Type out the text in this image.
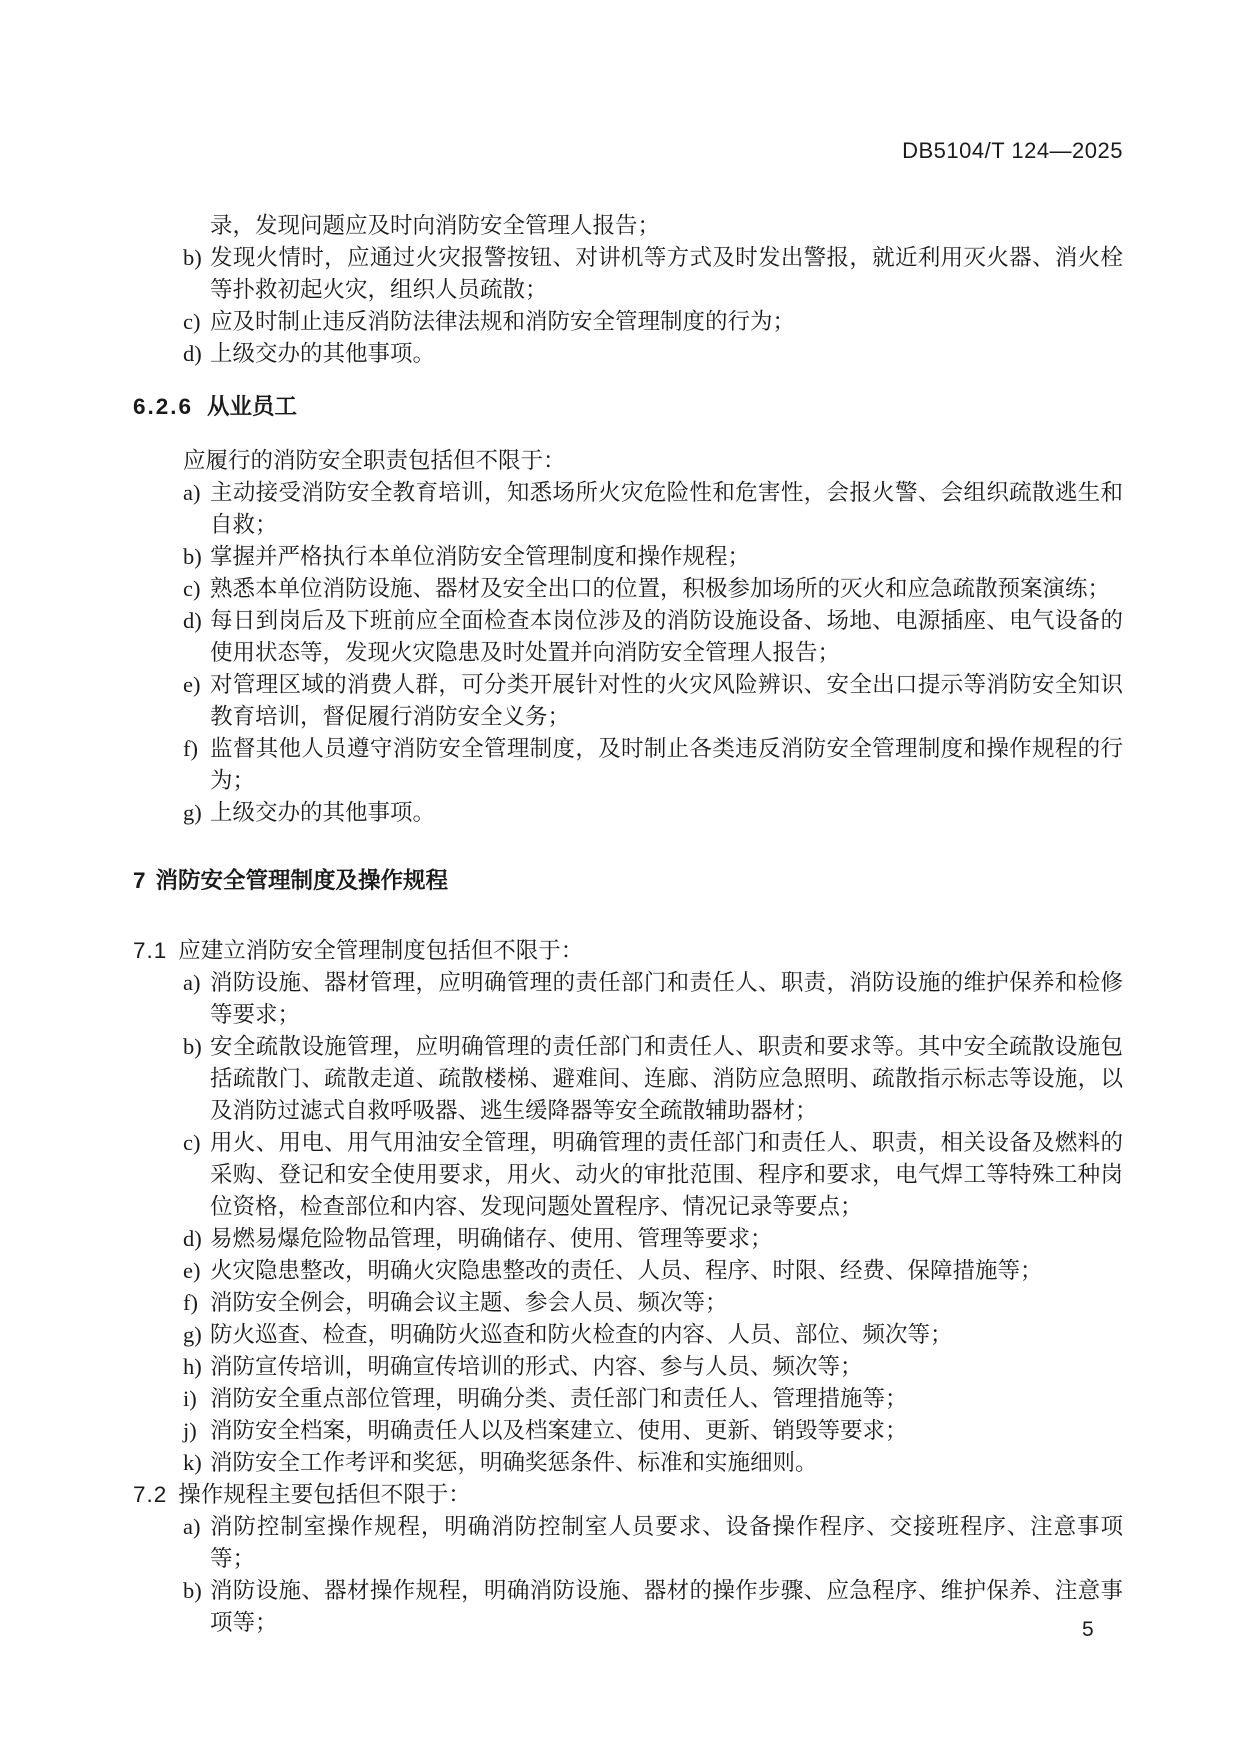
DB5104/T 124—2025
录，发现问题应及时向消防安全管理人报告；
b) 发现火情时，应通过火灾报警按钮、对讲机等方式及时发出警报，就近利用灭火器、消火栓等扑救初起火灾，组织人员疏散；
c) 应及时制止违反消防法律法规和消防安全管理制度的行为；
d) 上级交办的其他事项。
6.2.6 从业员工
应履行的消防安全职责包括但不限于：
a) 主动接受消防安全教育培训，知悉场所火灾危险性和危害性，会报火警、会组织疏散逃生和自救；
b) 掌握并严格执行本单位消防安全管理制度和操作规程；
c) 熟悉本单位消防设施、器材及安全出口的位置，积极参加场所的灭火和应急疏散预案演练；
d) 每日到岗后及下班前应全面检查本岗位涉及的消防设施设备、场地、电源插座、电气设备的使用状态等，发现火灾隐患及时处置并向消防安全管理人报告；
e) 对管理区域的消费人群，可分类开展针对性的火灾风险辨识、安全出口提示等消防安全知识教育培训，督促履行消防安全义务；
f) 监督其他人员遵守消防安全管理制度，及时制止各类违反消防安全管理制度和操作规程的行为；
g) 上级交办的其他事项。
7 消防安全管理制度及操作规程
7.1 应建立消防安全管理制度包括但不限于：
a) 消防设施、器材管理，应明确管理的责任部门和责任人、职责，消防设施的维护保养和检修等要求；
b) 安全疏散设施管理，应明确管理的责任部门和责任人、职责和要求等。其中安全疏散设施包括疏散门、疏散走道、疏散楼梯、避难间、连廊、消防应急照明、疏散指示标志等设施，以及消防过滤式自救呼吸器、逃生缓降器等安全疏散辅助器材；
c) 用火、用电、用气用油安全管理，明确管理的责任部门和责任人、职责，相关设备及燃料的采购、登记和安全使用要求，用火、动火的审批范围、程序和要求，电气焊工等特殊工种岗位资格，检查部位和内容、发现问题处置程序、情况记录等要点；
d) 易燃易爆危险物品管理，明确储存、使用、管理等要求；
e) 火灾隐患整改，明确火灾隐患整改的责任、人员、程序、时限、经费、保障措施等；
f) 消防安全例会，明确会议主题、参会人员、频次等；
g) 防火巡查、检查，明确防火巡查和防火检查的内容、人员、部位、频次等；
h) 消防宣传培训，明确宣传培训的形式、内容、参与人员、频次等；
i) 消防安全重点部位管理，明确分类、责任部门和责任人、管理措施等；
j) 消防安全档案，明确责任人以及档案建立、使用、更新、销毁等要求；
k) 消防安全工作考评和奖惩，明确奖惩条件、标准和实施细则。
7.2 操作规程主要包括但不限于：
a) 消防控制室操作规程，明确消防控制室人员要求、设备操作程序、交接班程序、注意事项等；
b) 消防设施、器材操作规程，明确消防设施、器材的操作步骤、应急程序、维护保养、注意事项等；	5
